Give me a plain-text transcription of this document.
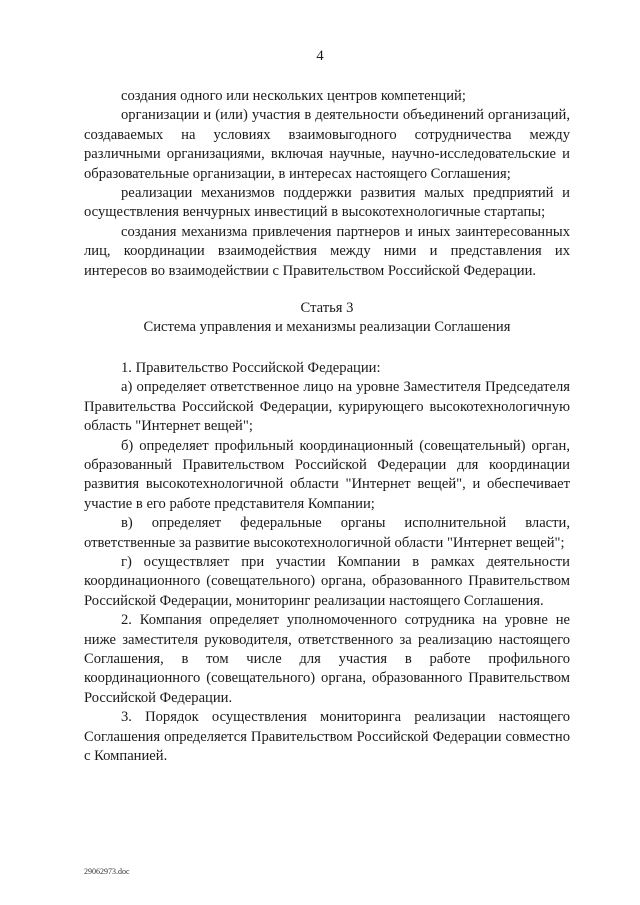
4

создания одного или нескольких центров компетенций;

организации и (или) участия в деятельности объединений организаций, создаваемых на условиях взаимовыгодного сотрудничества между различными организациями, включая научные, научно-исследовательские и образовательные организации, в интересах настоящего Соглашения;

реализации механизмов поддержки развития малых предприятий и осуществления венчурных инвестиций в высокотехнологичные стартапы;

создания механизма привлечения партнеров и иных заинтересованных лиц, координации взаимодействия между ними и представления их интересов во взаимодействии с Правительством Российской Федерации.

Статья 3

Система управления и механизмы реализации Соглашения

1. Правительство Российской Федерации:

а) определяет ответственное лицо на уровне Заместителя Председателя Правительства Российской Федерации, курирующего высокотехнологичную область "Интернет вещей";

б) определяет профильный координационный (совещательный) орган, образованный Правительством Российской Федерации для координации развития высокотехнологичной области "Интернет вещей", и обеспечивает участие в его работе представителя Компании;

в) определяет федеральные органы исполнительной власти, ответственные за развитие высокотехнологичной области "Интернет вещей";

г) осуществляет при участии Компании в рамках деятельности координационного (совещательного) органа, образованного Правительством Российской Федерации, мониторинг реализации настоящего Соглашения.

2. Компания определяет уполномоченного сотрудника на уровне не ниже заместителя руководителя, ответственного за реализацию настоящего Соглашения, в том числе для участия в работе профильного координационного (совещательного) органа, образованного Правительством Российской Федерации.

3. Порядок осуществления мониторинга реализации настоящего Соглашения определяется Правительством Российской Федерации совместно с Компанией.

29062973.doc
